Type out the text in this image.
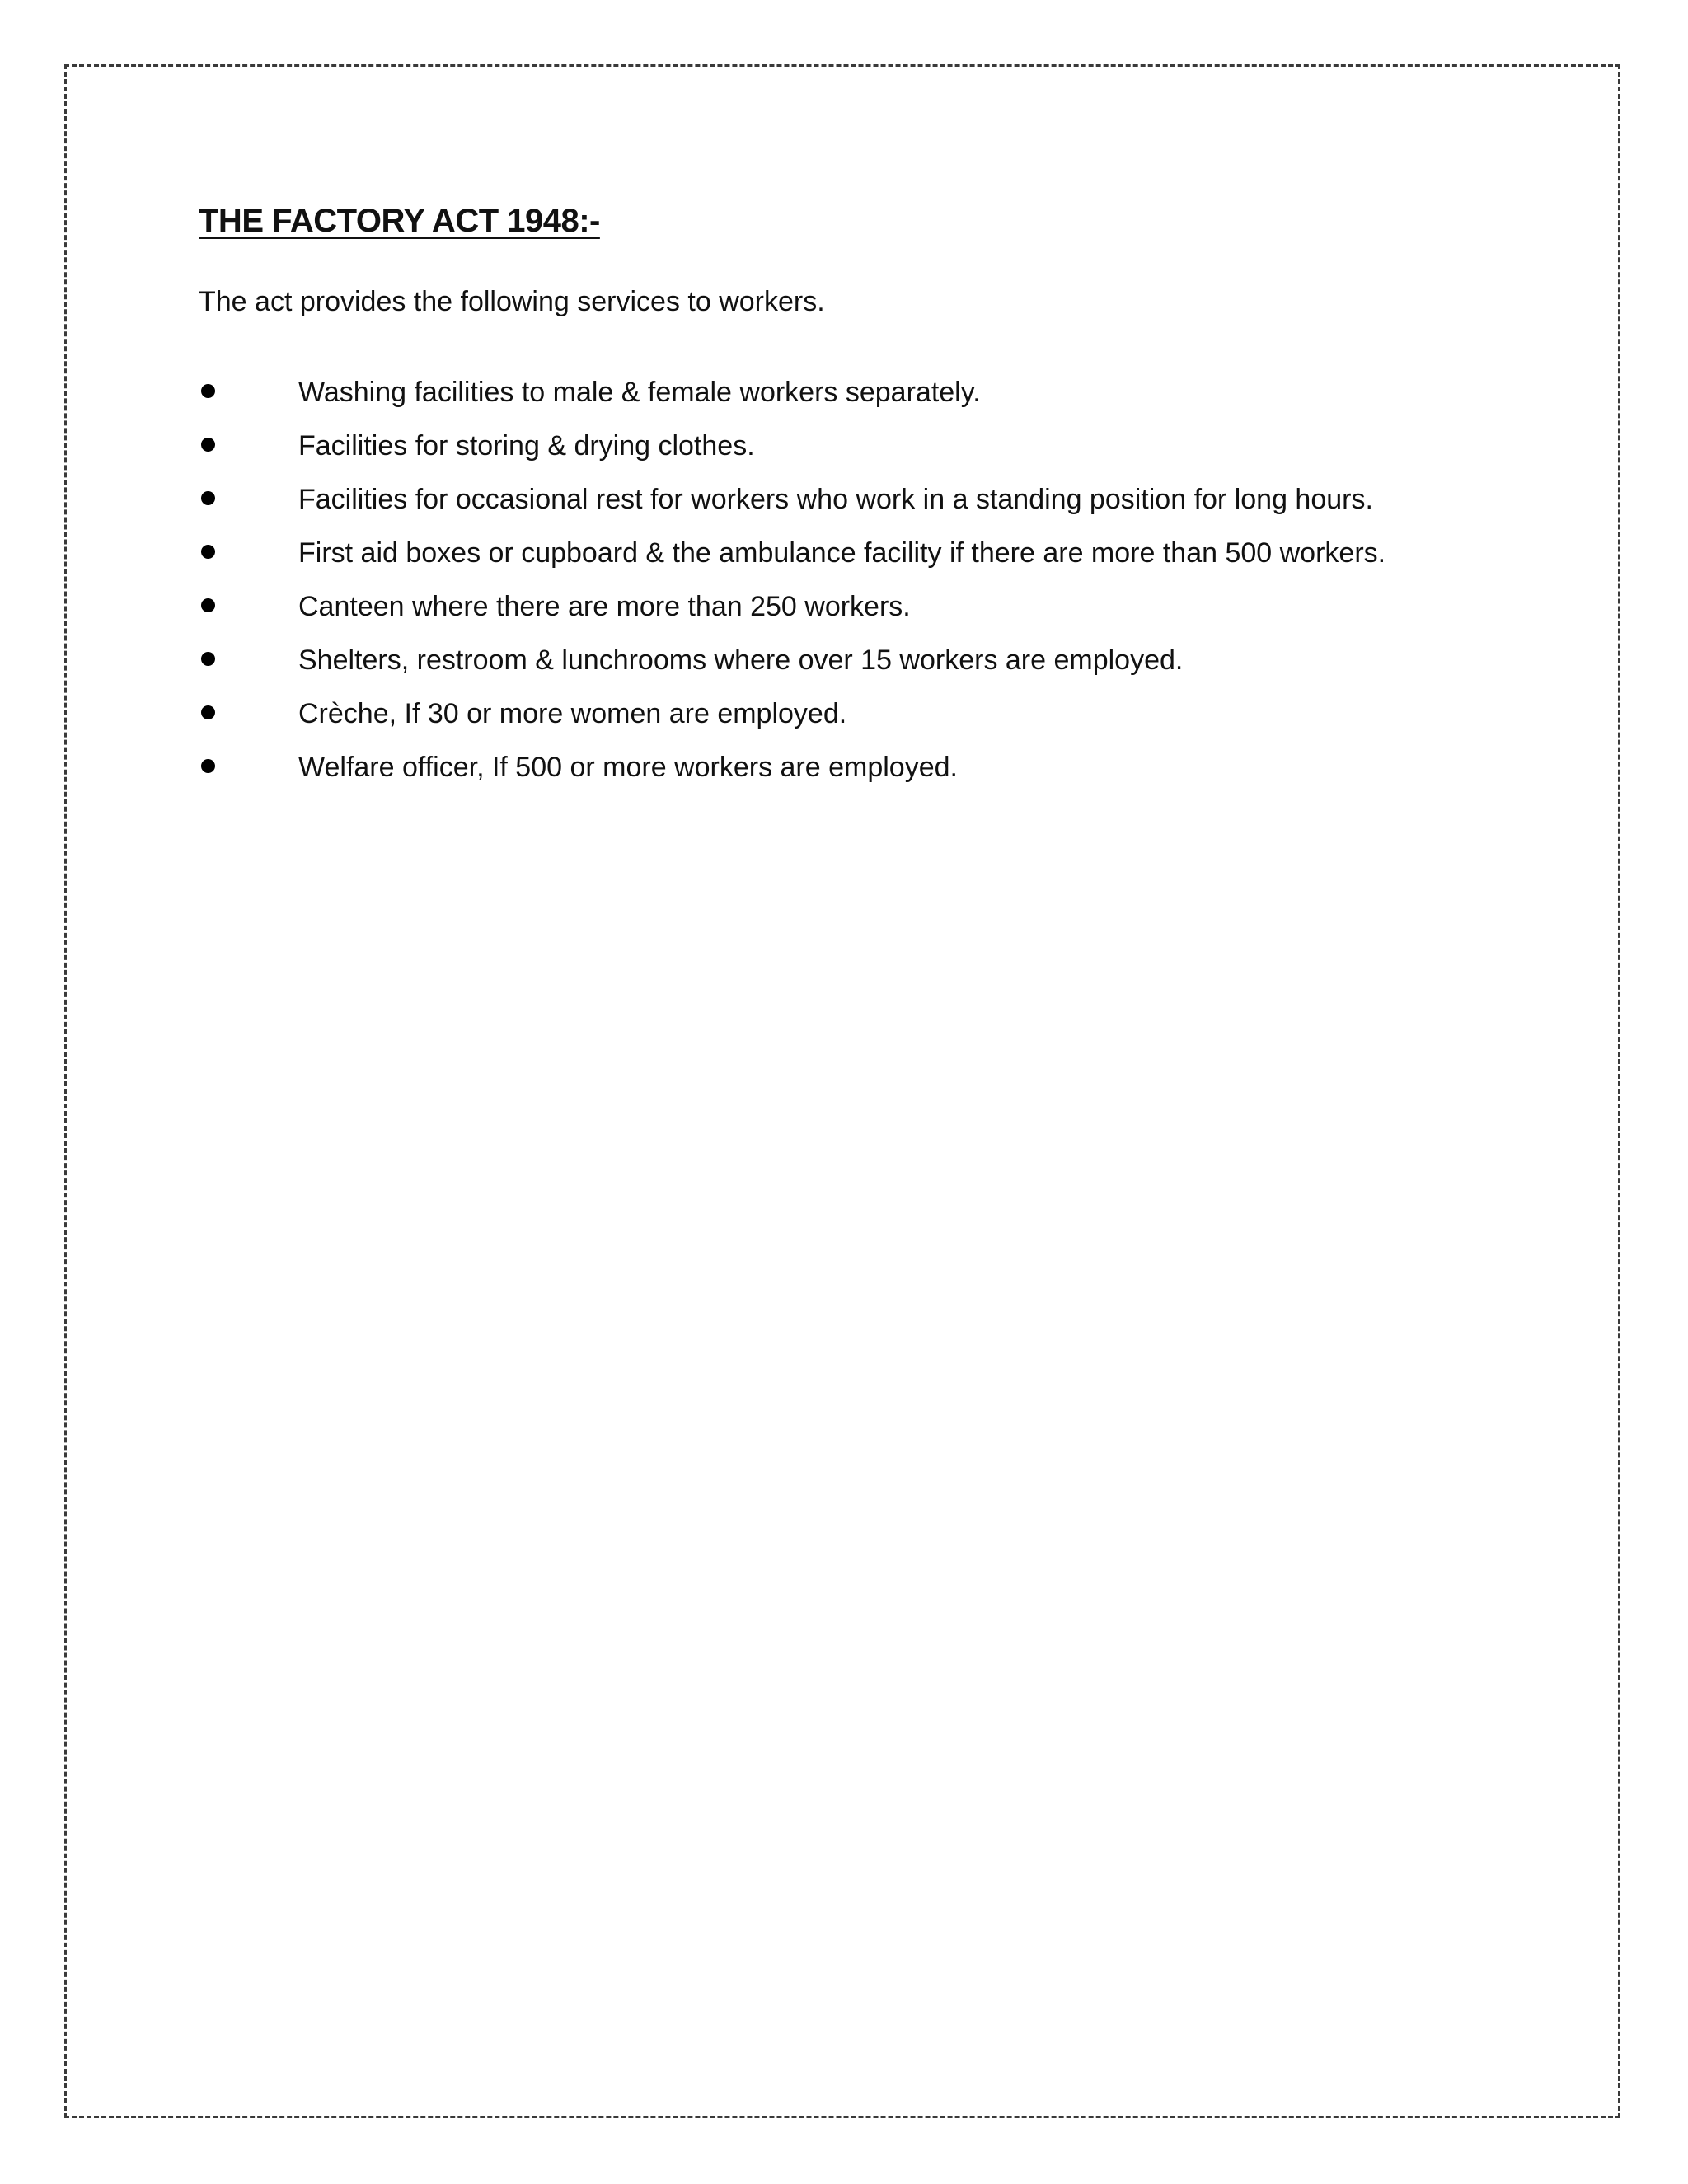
THE FACTORY ACT 1948:-

The act provides the following services to workers.

Washing facilities to male & female workers separately.
Facilities for storing & drying clothes.
Facilities for occasional rest for workers who work in a standing position for long hours.
First aid boxes or cupboard & the ambulance facility if there are more than 500 workers.
Canteen where there are more than 250 workers.
Shelters, restroom & lunchrooms where over 15 workers are employed.
Crèche, If 30 or more women are employed.
Welfare officer, If 500 or more workers are employed.
